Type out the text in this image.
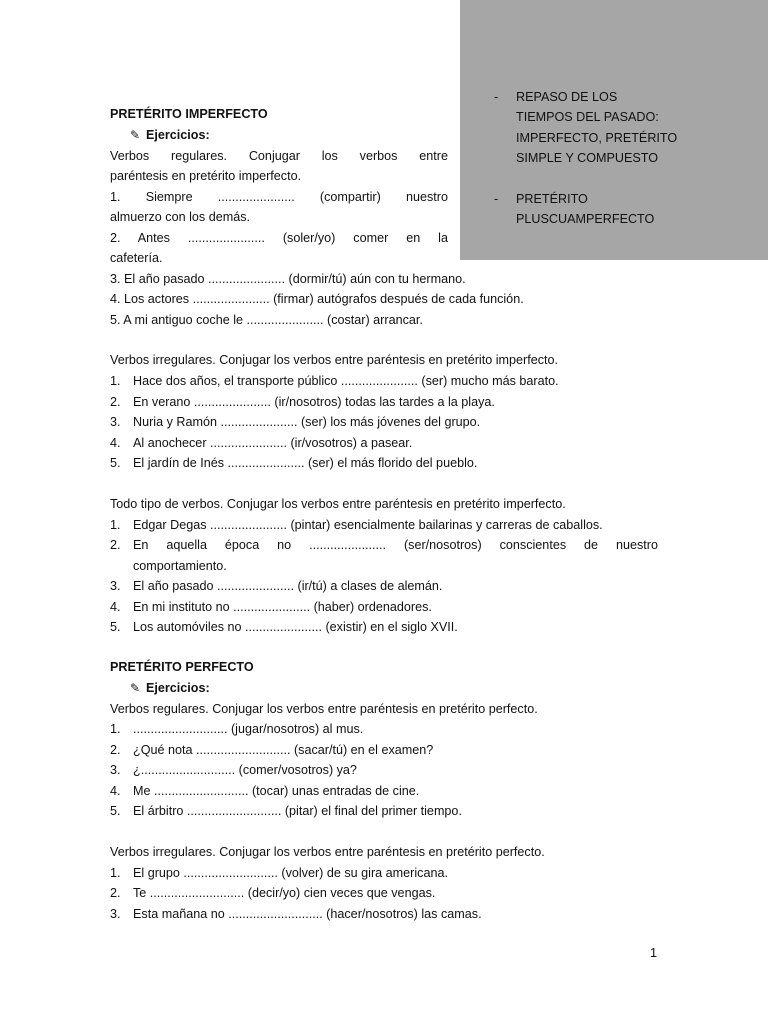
- REPASO DE LOS
TIEMPOS DEL PASADO:
IMPERFECTO, PRETÉRITO
SIMPLE Y COMPUESTO
- PRETÉRITO
PLUSCUAMPERFECTO
PRETÉRITO IMPERFECTO
✎ Ejercicios:
Verbos regulares. Conjugar los verbos entre
paréntesis en pretérito imperfecto.
1. Siempre ...................... (compartir) nuestro
almuerzo con los demás.
2. Antes ...................... (soler/yo) comer en la
cafetería.
3. El año pasado ...................... (dormir/tú) aún con tu hermano.
4. Los actores ...................... (firmar) autógrafos después de cada función.
5. A mi antiguo coche le ...................... (costar) arrancar.
Verbos irregulares. Conjugar los verbos entre paréntesis en pretérito imperfecto.
1. Hace dos años, el transporte público ...................... (ser) mucho más barato.
2. En verano ...................... (ir/nosotros) todas las tardes a la playa.
3. Nuria y Ramón ...................... (ser) los más jóvenes del grupo.
4. Al anochecer ...................... (ir/vosotros) a pasear.
5. El jardín de Inés ...................... (ser) el más florido del pueblo.
Todo tipo de verbos. Conjugar los verbos entre paréntesis en pretérito imperfecto.
1. Edgar Degas ...................... (pintar) esencialmente bailarinas y carreras de caballos.
2. En aquella época no ...................... (ser/nosotros) conscientes de nuestro
comportamiento.
3. El año pasado ...................... (ir/tú) a clases de alemán.
4. En mi instituto no ...................... (haber) ordenadores.
5. Los automóviles no ...................... (existir) en el siglo XVII.
PRETÉRITO PERFECTO
✎ Ejercicios:
Verbos regulares. Conjugar los verbos entre paréntesis en pretérito perfecto.
1. ........................... (jugar/nosotros) al mus.
2. ¿Qué nota ........................... (sacar/tú) en el examen?
3. ¿........................... (comer/vosotros) ya?
4. Me ........................... (tocar) unas entradas de cine.
5. El árbitro ........................... (pitar) el final del primer tiempo.
Verbos irregulares. Conjugar los verbos entre paréntesis en pretérito perfecto.
1. El grupo ........................... (volver) de su gira americana.
2. Te ........................... (decir/yo) cien veces que vengas.
3. Esta mañana no ........................... (hacer/nosotros) las camas.
1
